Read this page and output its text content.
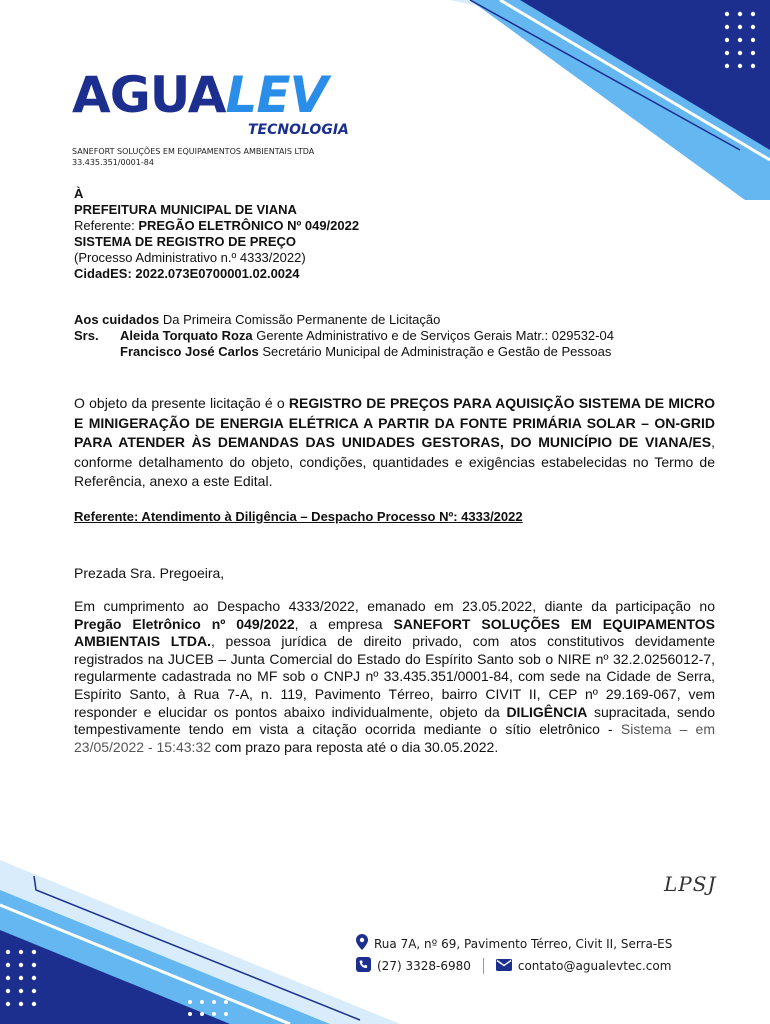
AGUALEV
TECNOLOGIA
SANEFORT SOLUÇÕES EM EQUIPAMENTOS AMBIENTAIS LTDA
33.435.351/0001-84
À
PREFEITURA MUNICIPAL DE VIANA
Referente: PREGÃO ELETRÔNICO Nº 049/2022
SISTEMA DE REGISTRO DE PREÇO
(Processo Administrativo n.º 4333/2022)
CidadES: 2022.073E0700001.02.0024
Aos cuidados Da Primeira Comissão Permanente de Licitação
Srs. Aleida Torquato Roza Gerente Administrativo e de Serviços Gerais Matr.: 029532-04
Francisco José Carlos Secretário Municipal de Administração e Gestão de Pessoas
O objeto da presente licitação é o REGISTRO DE PREÇOS PARA AQUISIÇÃO SISTEMA DE MICRO E MINIGERAÇÃO DE ENERGIA ELÉTRICA A PARTIR DA FONTE PRIMÁRIA SOLAR – ON-GRID PARA ATENDER ÀS DEMANDAS DAS UNIDADES GESTORAS, DO MUNICÍPIO DE VIANA/ES, conforme detalhamento do objeto, condições, quantidades e exigências estabelecidas no Termo de Referência, anexo a este Edital.
Referente: Atendimento à Diligência – Despacho Processo Nº: 4333/2022
Prezada Sra. Pregoeira,
Em cumprimento ao Despacho 4333/2022, emanado em 23.05.2022, diante da participação no Pregão Eletrônico nº 049/2022, a empresa SANEFORT SOLUÇÕES EM EQUIPAMENTOS AMBIENTAIS LTDA., pessoa jurídica de direito privado, com atos constitutivos devidamente registrados na JUCEB – Junta Comercial do Estado do Espírito Santo sob o NIRE nº 32.2.0256012-7, regularmente cadastrada no MF sob o CNPJ nº 33.435.351/0001-84, com sede na Cidade de Serra, Espírito Santo, à Rua 7-A, n. 119, Pavimento Térreo, bairro CIVIT II, CEP nº 29.169-067, vem responder e elucidar os pontos abaixo individualmente, objeto da DILIGÊNCIA supracitada, sendo tempestivamente tendo em vista a citação ocorrida mediante o sítio eletrônico - Sistema – em 23/05/2022 - 15:43:32 com prazo para reposta até o dia 30.05.2022.
LPSJ
Rua 7A, nº 69, Pavimento Térreo, Civit II, Serra-ES
(27) 3328-6980	contato@agualevtec.com
